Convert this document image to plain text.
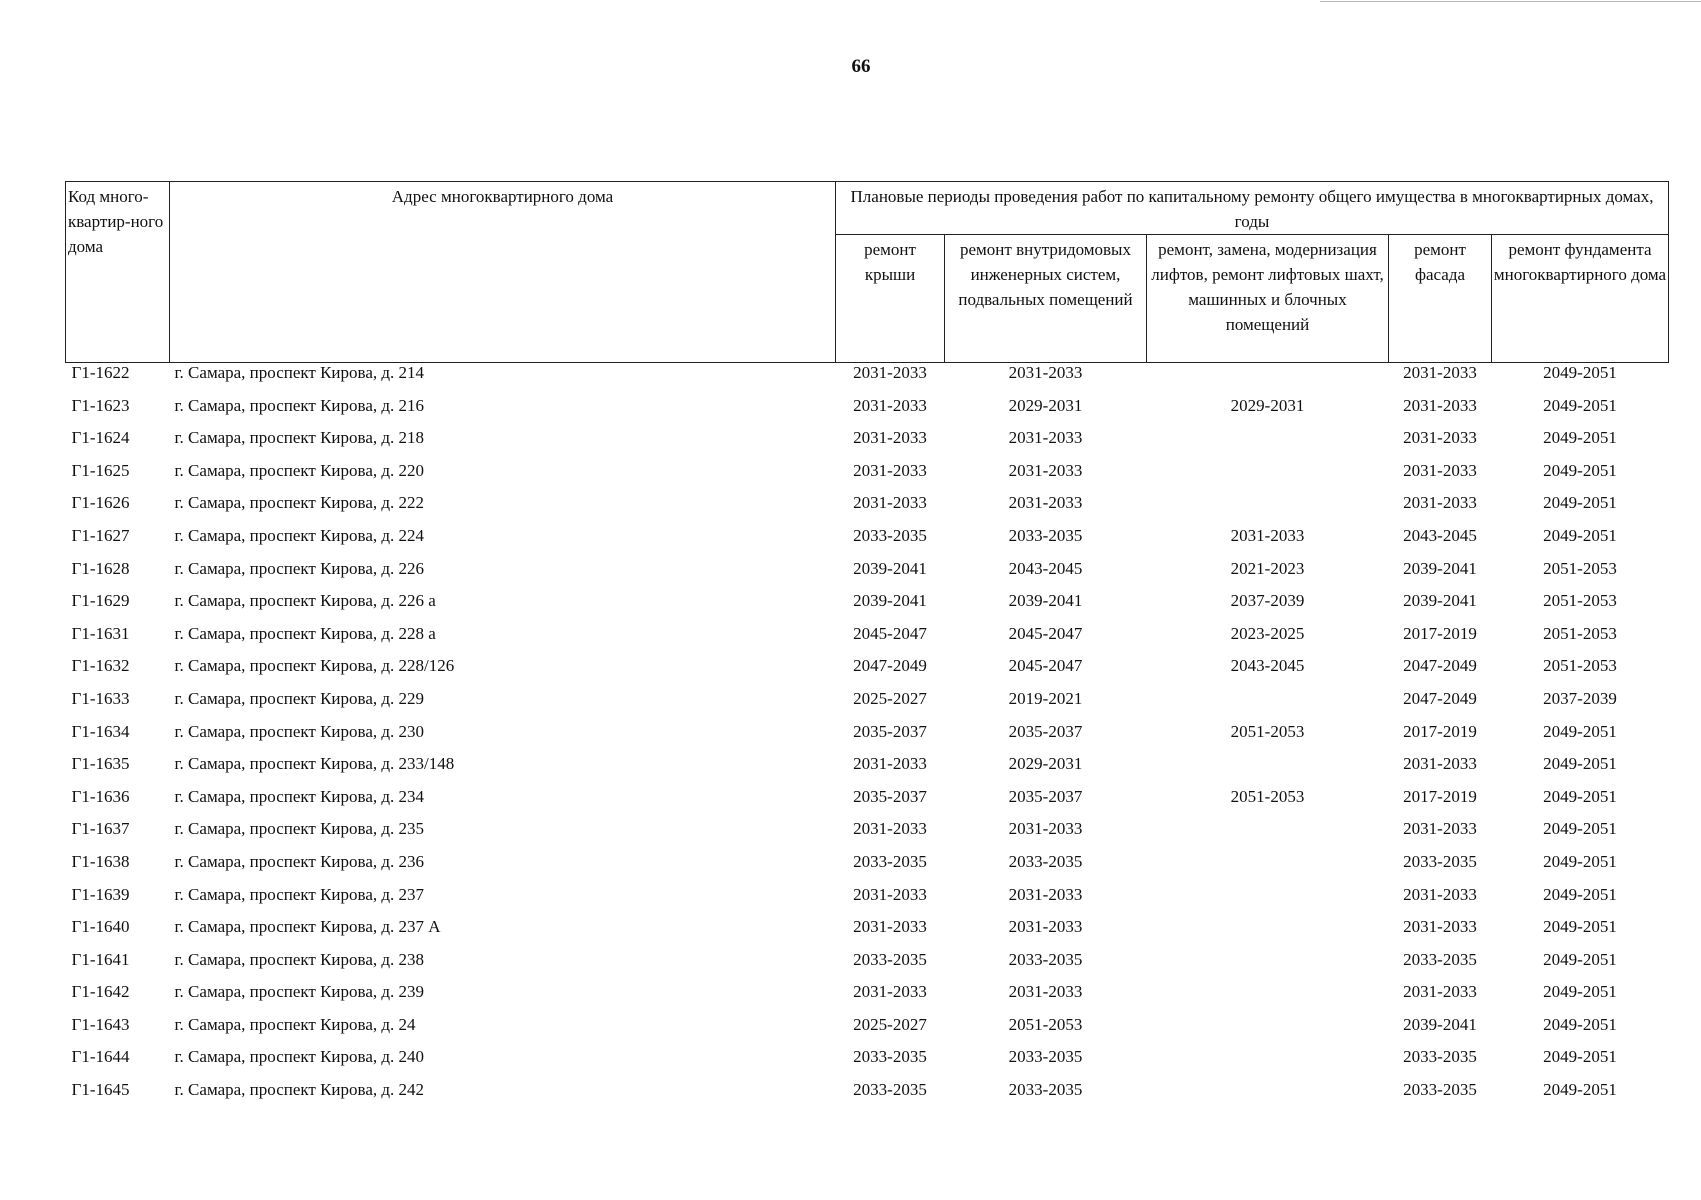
66
Код много-квартир-ного дома	Адрес многоквартирного дома	Плановые периоды проведения работ по капитальному ремонту общего имущества в многоквартирных домах, годы				
		ремонт крыши	ремонт внутридомовых инженерных систем, подвальных помещений	ремонт, замена, модернизация лифтов, ремонт лифтовых шахт, машинных и блочных помещений	ремонт фасада	ремонт фундамента многоквартирного дома
Г1-1622	г. Самара, проспект Кирова, д. 214	2031-2033	2031-2033		2031-2033	2049-2051
Г1-1623	г. Самара, проспект Кирова, д. 216	2031-2033	2029-2031	2029-2031	2031-2033	2049-2051
Г1-1624	г. Самара, проспект Кирова, д. 218	2031-2033	2031-2033		2031-2033	2049-2051
Г1-1625	г. Самара, проспект Кирова, д. 220	2031-2033	2031-2033		2031-2033	2049-2051
Г1-1626	г. Самара, проспект Кирова, д. 222	2031-2033	2031-2033		2031-2033	2049-2051
Г1-1627	г. Самара, проспект Кирова, д. 224	2033-2035	2033-2035	2031-2033	2043-2045	2049-2051
Г1-1628	г. Самара, проспект Кирова, д. 226	2039-2041	2043-2045	2021-2023	2039-2041	2051-2053
Г1-1629	г. Самара, проспект Кирова, д. 226 а	2039-2041	2039-2041	2037-2039	2039-2041	2051-2053
Г1-1631	г. Самара, проспект Кирова, д. 228 а	2045-2047	2045-2047	2023-2025	2017-2019	2051-2053
Г1-1632	г. Самара, проспект Кирова, д. 228/126	2047-2049	2045-2047	2043-2045	2047-2049	2051-2053
Г1-1633	г. Самара, проспект Кирова, д. 229	2025-2027	2019-2021		2047-2049	2037-2039
Г1-1634	г. Самара, проспект Кирова, д. 230	2035-2037	2035-2037	2051-2053	2017-2019	2049-2051
Г1-1635	г. Самара, проспект Кирова, д. 233/148	2031-2033	2029-2031		2031-2033	2049-2051
Г1-1636	г. Самара, проспект Кирова, д. 234	2035-2037	2035-2037	2051-2053	2017-2019	2049-2051
Г1-1637	г. Самара, проспект Кирова, д. 235	2031-2033	2031-2033		2031-2033	2049-2051
Г1-1638	г. Самара, проспект Кирова, д. 236	2033-2035	2033-2035		2033-2035	2049-2051
Г1-1639	г. Самара, проспект Кирова, д. 237	2031-2033	2031-2033		2031-2033	2049-2051
Г1-1640	г. Самара, проспект Кирова, д. 237 А	2031-2033	2031-2033		2031-2033	2049-2051
Г1-1641	г. Самара, проспект Кирова, д. 238	2033-2035	2033-2035		2033-2035	2049-2051
Г1-1642	г. Самара, проспект Кирова, д. 239	2031-2033	2031-2033		2031-2033	2049-2051
Г1-1643	г. Самара, проспект Кирова, д. 24	2025-2027	2051-2053		2039-2041	2049-2051
Г1-1644	г. Самара, проспект Кирова, д. 240	2033-2035	2033-2035		2033-2035	2049-2051
Г1-1645	г. Самара, проспект Кирова, д. 242	2033-2035	2033-2035		2033-2035	2049-2051
